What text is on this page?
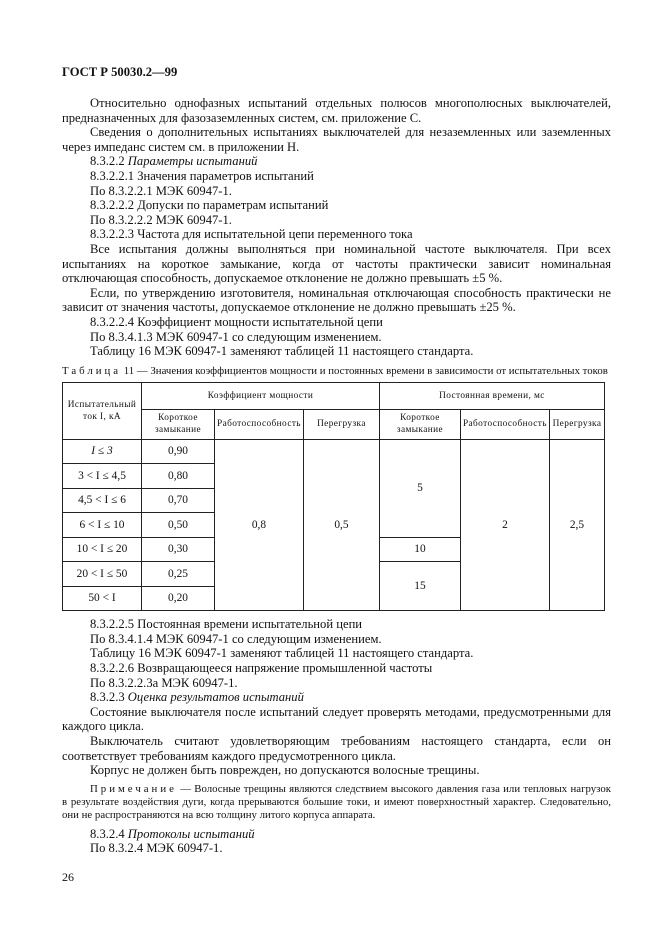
ГОСТ Р 50030.2—99

Относительно однофазных испытаний отдельных полюсов многополюсных выключателей, предназначенных для фазозаземленных систем, см. приложение С.

Сведения о дополнительных испытаниях выключателей для незаземленных или заземленных через импеданс систем см. в приложении Н.

8.3.2.2 Параметры испытаний

8.3.2.2.1 Значения параметров испытаний

По 8.3.2.2.1 МЭК 60947-1.

8.3.2.2.2 Допуски по параметрам испытаний

По 8.3.2.2.2 МЭК 60947-1.

8.3.2.2.3 Частота для испытательной цепи переменного тока

Все испытания должны выполняться при номинальной частоте выключателя. При всех испытаниях на короткое замыкание, когда от частоты практически зависит номинальная отключающая способность, допускаемое отклонение не должно превышать ±5 %.

Если, по утверждению изготовителя, номинальная отключающая способность практически не зависит от значения частоты, допускаемое отклонение не должно превышать ±25 %.

8.3.2.2.4 Коэффициент мощности испытательной цепи

По 8.3.4.1.3 МЭК 60947-1 со следующим изменением.

Таблицу 16 МЭК 60947-1 заменяют таблицей 11 настоящего стандарта.

Таблица 11 — Значения коэффициентов мощности и постоянных времени в зависимости от испытательных токов
Испытательный ток I, кА	Коэффициент мощности			Постоянная времени, мс		
	Короткое замыкание	Работоспособность	Перегрузка	Короткое замыкание	Работоспособность	Перегрузка
I ≤ 3	0,90	0,8	0,5	5	2	2,5
3 < I ≤ 4,5	0,80					
4,5 < I ≤ 6	0,70					
6 < I ≤ 10	0,50					
10 < I ≤ 20	0,30			10		
20 < I ≤ 50	0,25			15		
50 < I	0,20					

8.3.2.2.5 Постоянная времени испытательной цепи

По 8.3.4.1.4 МЭК 60947-1 со следующим изменением.

Таблицу 16 МЭК 60947-1 заменяют таблицей 11 настоящего стандарта.

8.3.2.2.6 Возвращающееся напряжение промышленной частоты

По 8.3.2.2.3а МЭК 60947-1.

8.3.2.3 Оценка результатов испытаний

Состояние выключателя после испытаний следует проверять методами, предусмотренными для каждого цикла.

Выключатель считают удовлетворяющим требованиям настоящего стандарта, если он соответствует требованиям каждого предусмотренного цикла.

Корпус не должен быть поврежден, но допускаются волосные трещины.

Примечание — Волосные трещины являются следствием высокого давления газа или тепловых нагрузок в результате воздействия дуги, когда прерываются большие токи, и имеют поверхностный характер. Следовательно, они не распространяются на всю толщину литого корпуса аппарата.

8.3.2.4 Протоколы испытаний

По 8.3.2.4 МЭК 60947-1.

26
